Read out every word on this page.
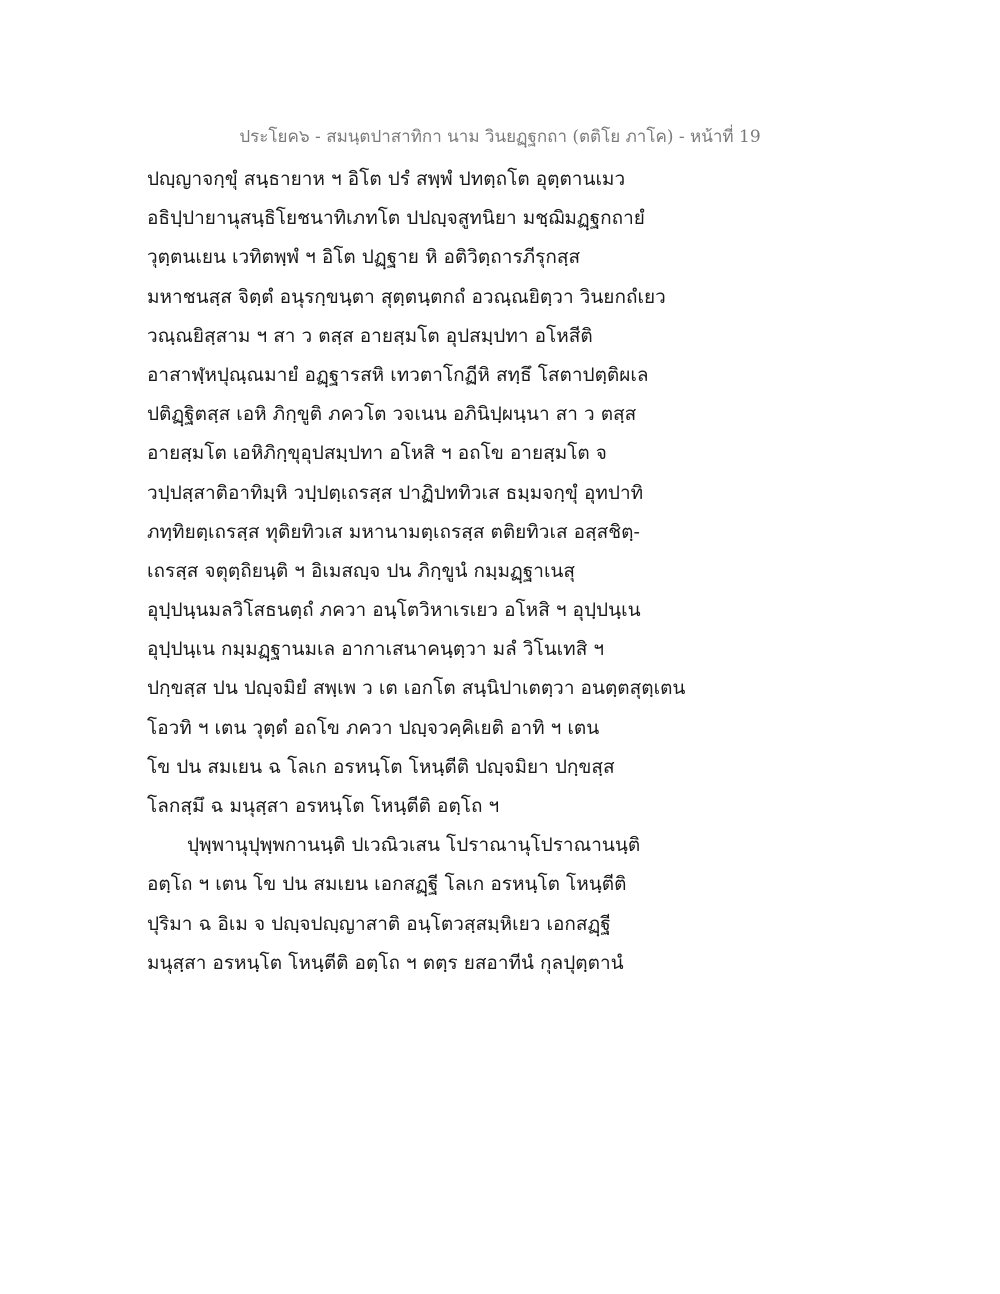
ประโยค๖ - สมนฺตปาสาทิกา นาม วินยฏฺฐกถา (ตติโย ภาโค) - หน้าที่ 19
ปญฺญาจกฺขุํ สนฺธายาห ฯ อิโต ปรํ สพฺพํ ปทตฺถโต อุตฺตานเมว
อธิปฺปายานุสนฺธิโยชนาทิเภทโต ปปญฺจสูทนิยา มชฺฌิมฏฺฐกถายํ
วุตฺตนเยน เวทิตพฺพํ ฯ อิโต ปฏฺฐาย หิ อติวิตฺถารภีรุกสฺส
มหาชนสฺส จิตฺตํ อนุรกฺขนฺตา สุตฺตนฺตกถํ อวณฺณยิตฺวา วินยกถํเยว
วณฺณยิสฺสาม ฯ สา ว ตสฺส อายสฺมโต อุปสมฺปทา อโหสีติ
อาสาฬฺหปุณฺณมายํ อฏฺฐารสหิ เทวตาโกฏีหิ สทฺธึ โสตาปตฺติผเล
ปติฏฺฐิตสฺส เอหิ ภิกฺขูติ ภควโต วจเนน อภินิปฺผนฺนา สา ว ตสฺส
อายสฺมโต เอหิภิกฺขุอุปสมฺปทา อโหสิ ฯ อถโข อายสฺมโต จ
วปฺปสฺสาติอาทิมฺหิ วปฺปตฺเถรสฺส ปาฏิปททิวเส ธมฺมจกฺขุํ อุทปาทิ
ภทฺทิยตฺเถรสฺส ทุติยทิวเส มหานามตฺเถรสฺส ตติยทิวเส อสฺสชิตฺ-
เถรสฺส จตุตฺถิยนฺติ ฯ อิเมสญฺจ ปน ภิกฺขูนํ กมฺมฏฺฐาเนสุ
อุปฺปนฺนมลวิโสธนตฺถํ ภควา อนฺโตวิหาเรเยว อโหสิ ฯ อุปฺปนฺเน
อุปฺปนฺเน กมฺมฏฺฐานมเล อากาเสนาคนฺตฺวา มลํ วิโนเทสิ ฯ
ปกฺขสฺส ปน ปญฺจมิยํ สพฺเพ ว เต เอกโต สนฺนิปาเตตฺวา อนตฺตสุตฺเตน
โอวทิ ฯ เตน วุตฺตํ อถโข ภควา ปญฺจวคฺคิเยติ อาทิ ฯ เตน
โข ปน สมเยน ฉ โลเก อรหนฺโต โหนฺตีติ ปญฺจมิยา ปกฺขสฺส
โลกสฺมึ ฉ มนุสฺสา อรหนฺโต โหนฺตีติ อตฺโถ ฯ
ปุพฺพานุปุพฺพกานนฺติ ปเวณิวเสน โปราณานุโปราณานนฺติ
อตฺโถ ฯ เตน โข ปน สมเยน เอกสฏฺฐี โลเก อรหนฺโต โหนฺตีติ
ปุริมา ฉ อิเม จ ปญฺจปญฺญาสาติ อนฺโตวสฺสมฺหิเยว เอกสฏฺฐี
มนุสฺสา อรหนฺโต โหนฺตีติ อตฺโถ ฯ ตตฺร ยสอาทีนํ กุลปุตฺตานํ
